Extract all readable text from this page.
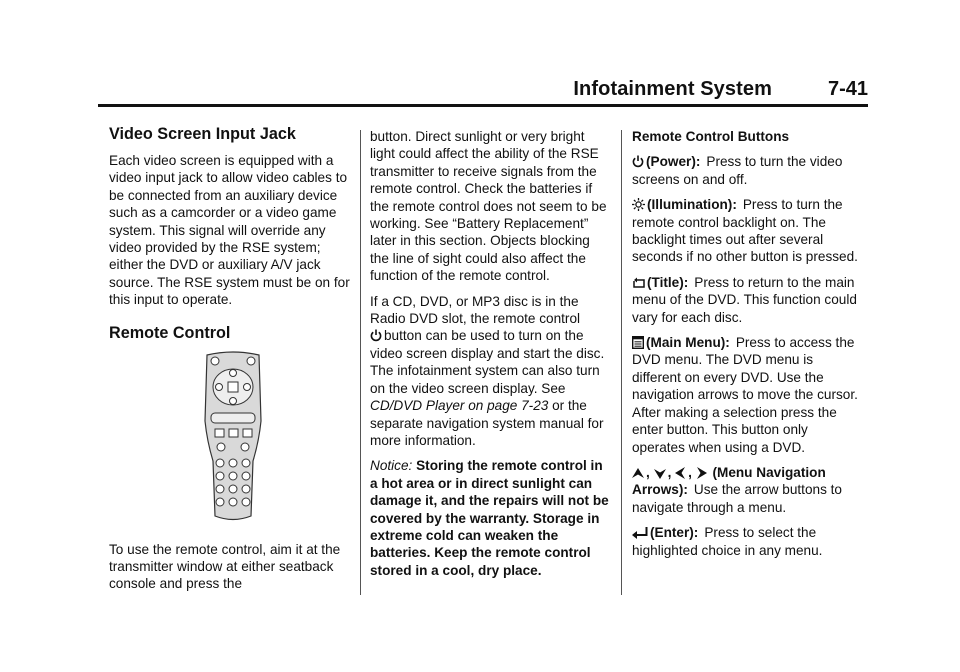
Infotainment System	7-41
Video Screen Input Jack

Each video screen is equipped with a video input jack to allow video cables to be connected from an auxiliary device such as a camcorder or a video game system. This signal will override any video provided by the RSE system; either the DVD or auxiliary A/V jack source. The RSE system must be on for this input to operate.

Remote Control

To use the remote control, aim it at the transmitter window at either seatback console and press the

button. Direct sunlight or very bright light could affect the ability of the RSE transmitter to receive signals from the remote control. Check the batteries if the remote control does not seem to be working. See “Battery Replacement” later in this section. Objects blocking the line of sight could also affect the function of the remote control.

If a CD, DVD, or MP3 disc is in the Radio DVD slot, the remote control
button can be used to turn on the video screen display and start the disc. The infotainment system can also turn on the video screen display. See CD/DVD Player on page 7-23 or the separate navigation system manual for more information.

Notice: Storing the remote control in a hot area or in direct sunlight can damage it, and the repairs will not be covered by the warranty. Storage in extreme cold can weaken the batteries. Keep the remote control stored in a cool, dry place.

Remote Control Buttons

(Power): Press to turn the video screens on and off.

(Illumination): Press to turn the remote control backlight on. The backlight times out after several seconds if no other button is pressed.

(Title): Press to return to the main menu of the DVD. This function could vary for each disc.

(Main Menu): Press to access the DVD menu. The DVD menu is different on every DVD. Use the navigation arrows to move the cursor. After making a selection press the enter button. This button only operates when using a DVD.

, , ,  (Menu Navigation Arrows): Use the arrow buttons to navigate through a menu.

(Enter): Press to select the highlighted choice in any menu.
